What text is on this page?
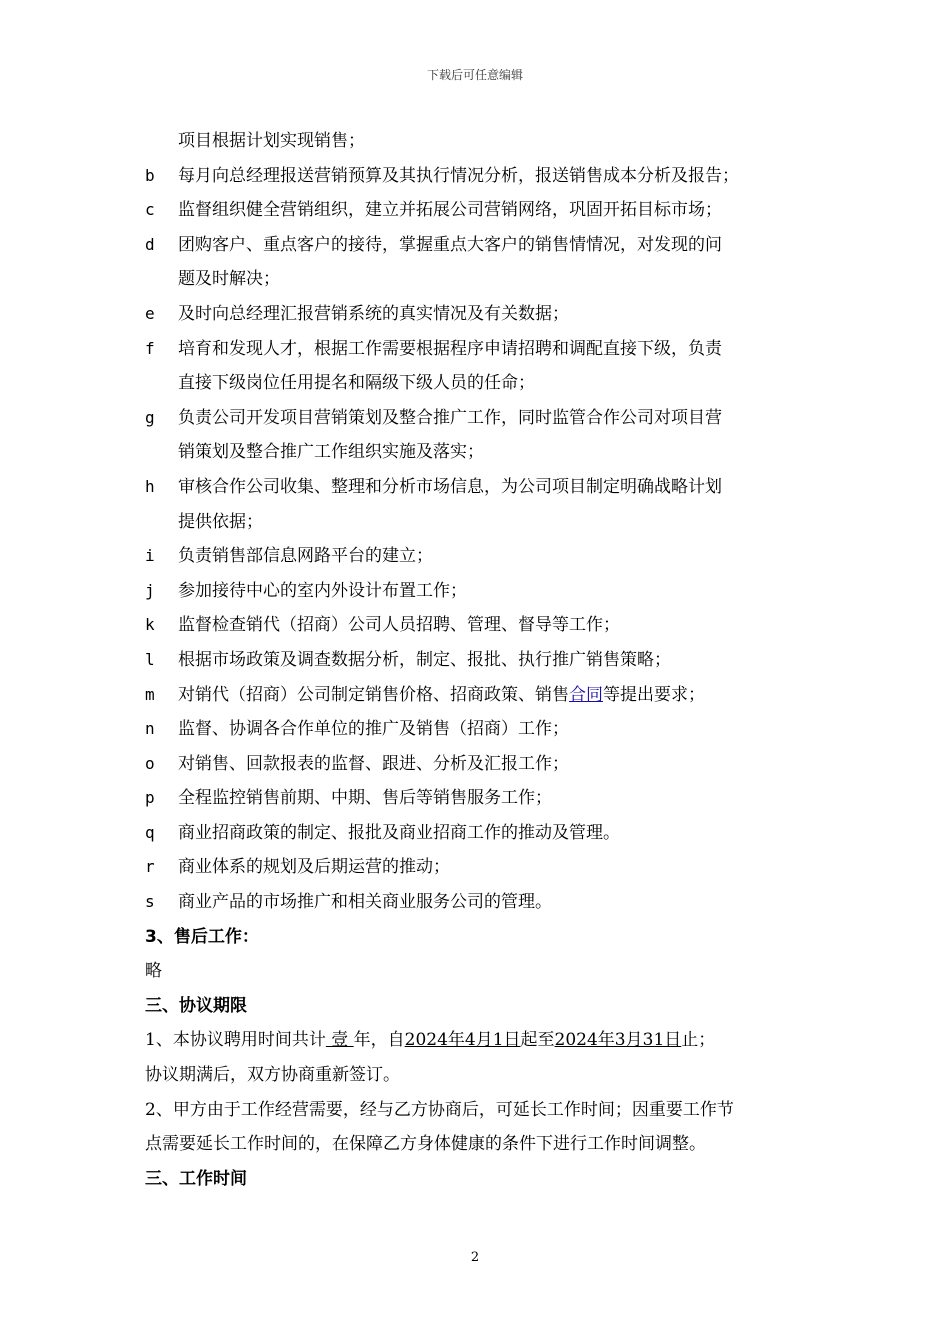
下载后可任意编辑
项目根据计划实现销售；
b	每月向总经理报送营销预算及其执行情况分析，报送销售成本分析及报告；
c	监督组织健全营销组织，建立并拓展公司营销网络，巩固开拓目标市场；
d	团购客户、重点客户的接待，掌握重点大客户的销售情情况，对发现的问
题及时解决；
e	及时向总经理汇报营销系统的真实情况及有关数据；
f	培育和发现人才，根据工作需要根据程序申请招聘和调配直接下级，负责
直接下级岗位任用提名和隔级下级人员的任命；
g	负责公司开发项目营销策划及整合推广工作，同时监管合作公司对项目营
销策划及整合推广工作组织实施及落实；
h	审核合作公司收集、整理和分析市场信息，为公司项目制定明确战略计划
提供依据；
i	负责销售部信息网路平台的建立；
j	参加接待中心的室内外设计布置工作；
k	监督检查销代（招商）公司人员招聘、管理、督导等工作；
l	根据市场政策及调查数据分析，制定、报批、执行推广销售策略；
m	对销代（招商）公司制定销售价格、招商政策、销售合同等提出要求；
n	监督、协调各合作单位的推广及销售（招商）工作；
o	对销售、回款报表的监督、跟进、分析及汇报工作；
p	全程监控销售前期、中期、售后等销售服务工作；
q	商业招商政策的制定、报批及商业招商工作的推动及管理。
r	商业体系的规划及后期运营的推动；
s	商业产品的市场推广和相关商业服务公司的管理。
3、售后工作：
略
三、协议期限
1、本协议聘用时间共计 壹 年，自2024年4月1日起至2024年3月31日止；
协议期满后，双方协商重新签订。
2、甲方由于工作经营需要，经与乙方协商后，可延长工作时间；因重要工作节
点需要延长工作时间的，在保障乙方身体健康的条件下进行工作时间调整。
三、工作时间
2
